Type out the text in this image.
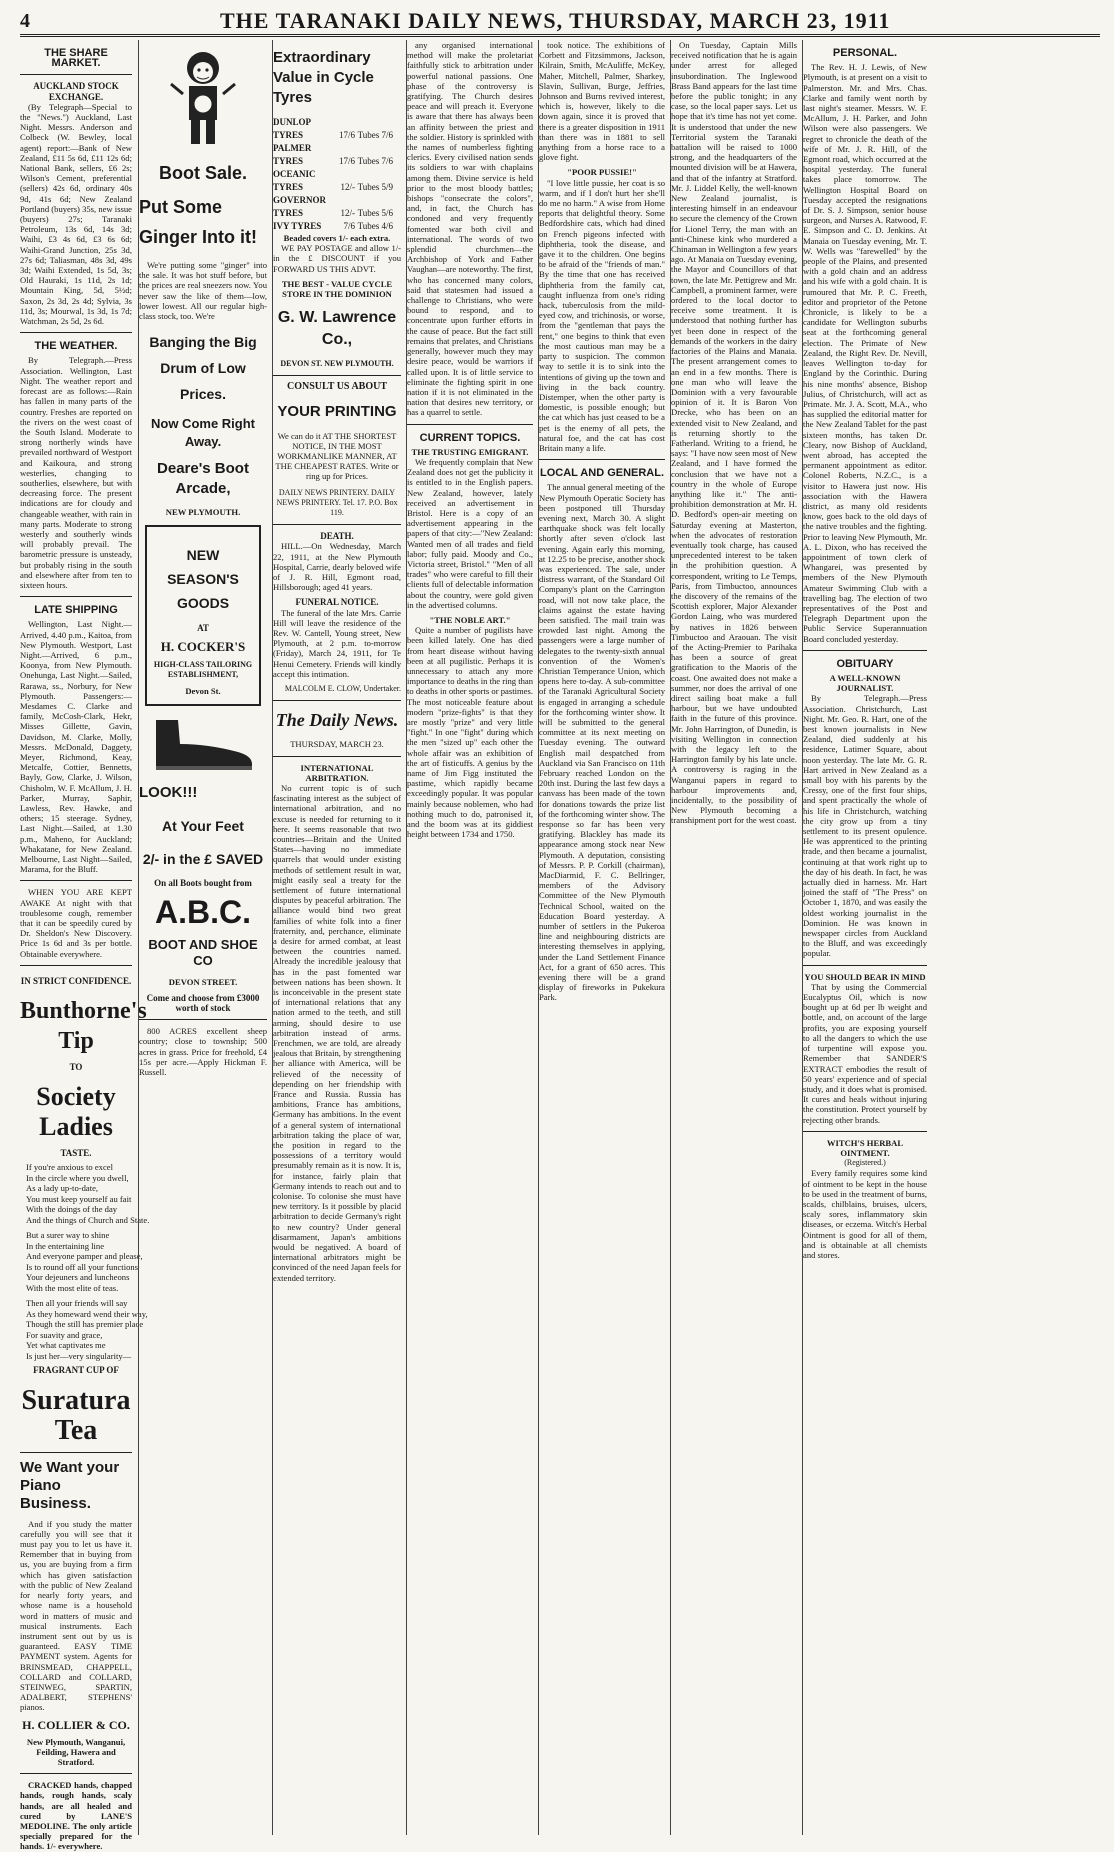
4	THE TARANAKI DAILY NEWS, THURSDAY, MARCH 23, 1911
THE SHARE MARKET.
AUCKLAND STOCK EXCHANGE.

(By Telegraph—Special to the "News.") Auckland, Last Night. Messrs. Anderson and Colbeck (W. Bewley, local agent) report:—Bank of New Zealand, £11 5s 6d, £11 12s 6d; National Bank, sellers, £6 2s; Wilson's Cement, preferential (sellers) 42s 6d, ordinary 40s 9d, 41s 6d; New Zealand Portland (buyers) 35s, new issue (buyers) 27s; Taranaki Petroleum, 13s 6d, 14s 3d; Waihi, £3 4s 6d, £3 6s 6d; Waihi-Grand Junction, 25s 3d, 27s 6d; Taliasman, 48s 3d, 49s 3d; Waihi Extended, 1s 5d, 3s; Old Hauraki, 1s 11d, 2s 1d; Mountain King, 5d, 5½d; Saxon, 2s 3d, 2s 4d; Sylvia, 3s 11d, 3s; Mourwal, 1s 3d, 1s 7d; Watchman, 2s 5d, 2s 6d.

THE WEATHER.

By Telegraph.—Press Association. Wellington, Last Night. The weather report and forecast are as follows:—Rain has fallen in many parts of the country. Freshes are reported on the rivers on the west coast of the South Island. Moderate to strong northerly winds have prevailed northward of Westport and Kaikoura, and strong westerlies, changing to southerlies, elsewhere, but with decreasing force. The present indications are for cloudy and changeable weather, with rain in many parts. Moderate to strong westerly and southerly winds will probably prevail. The barometric pressure is unsteady, but probably rising in the south and elsewhere after from ten to sixteen hours.

LATE SHIPPING

Wellington, Last Night.—Arrived, 4.40 p.m., Kaitoa, from New Plymouth. Westport, Last Night.—Arrived, 6 p.m., Koonya, from New Plymouth. Onehunga, Last Night.—Sailed, Rarawa, ss., Norbury, for New Plymouth. Passengers:—Mesdames C. Clarke and family, McCosh-Clark, Hekr, Misses Gillette, Gavin, Davidson, M. Clarke, Molly, Messrs. McDonald, Daggety, Meyer, Richmond, Keay, Metcalfe, Cottier, Bennetts, Bayly, Gow, Clarke, J. Wilson, Chisholm, W. F. McAllum, J. H. Parker, Murray, Saphir, Lawless, Rev. Hawke, and others; 15 steerage. Sydney, Last Night.—Sailed, at 1.30 p.m., Maheno, for Auckland; Whakatane, for New Zealand. Melbourne, Last Night—Sailed, Marama, for the Bluff.

WHEN YOU ARE KEPT AWAKE At night with that troublesome cough, remember that it can be speedily cured by Dr. Sheldon's New Discovery. Price 1s 6d and 3s per bottle. Obtainable everywhere.

IN STRICT CONFIDENCE.
Bunthorne's Tip
TO
Society Ladies
TASTE.
If you're anxious to excel
In the circle where you dwell,
As a lady up-to-date,
You must keep yourself au fait
With the doings of the day
And the things of Church and State.
But a surer way to shine
In the entertaining line
And everyone pamper and please,
Is to round off all your functions
Your dejeuners and luncheons
With the most elite of teas.
Then all your friends will say
As they homeward wend their way,
Though the still has premier place
For suavity and grace,
Yet what captivates me
Is just her—very singularity—
FRAGRANT CUP OF
Suratura Tea
We Want your Piano Business.

And if you study the matter carefully you will see that it must pay you to let us have it. Remember that in buying from us, you are buying from a firm which has given satisfaction with the public of New Zealand for nearly forty years, and whose name is a household word in matters of music and musical instruments. Each instrument sent out by us is guaranteed. EASY TIME PAYMENT system. Agents for BRINSMEAD, CHAPPELL, COLLARD and COLLARD, STEINWEG, SPARTIN, ADALBERT, STEPHENS' pianos.

H. COLLIER & CO.
New Plymouth, Wanganui, Feilding, Hawera and Stratford.

CRACKED hands, chapped hands, rough hands, scaly hands, are all healed and cured by LANE'S MEDOLINE. The only article specially prepared for the hands. 1/- everywhere.

Boot Sale.
Put Some Ginger Into it!

We're putting some "ginger" into the sale. It was hot stuff before, but the prices are real sneezers now. You never saw the like of them—low, lower lowest. All our regular high-class stock, too. We're

Banging the Big Drum of Low Prices.
Now Come Right Away.
Deare's Boot Arcade,
NEW PLYMOUTH.
NEW SEASON'S GOODS
AT
H. COCKER'S
HIGH-CLASS TAILORING ESTABLISHMENT,
Devon St.
LOOK!!!
At Your Feet
2/- in the £ SAVED
On all Boots bought from
A.B.C.
BOOT AND SHOE CO
DEVON STREET.
Come and choose from £3000 worth of stock

800 ACRES excellent sheep country; close to township; 500 acres in grass. Price for freehold, £4 15s per acre.—Apply Hickman F. Russell.

Extraordinary Value in Cycle Tyres
DUNLOP TYRES	17/6 Tubes 7/6
PALMER TYRES	17/6 Tubes 7/6
OCEANIC TYRES	12/- Tubes 5/9
GOVERNOR TYRES	12/- Tubes 5/6
IVY TYRES 7/6 Tubes 4/6
Beaded covers 1/- each extra.

WE PAY POSTAGE and allow 1/- in the £ DISCOUNT if you FORWARD US THIS ADVT.

THE BEST - VALUE CYCLE STORE IN THE DOMINION
G. W. Lawrence Co.,
DEVON ST. NEW PLYMOUTH.
CONSULT US ABOUT
YOUR PRINTING
We can do it AT THE SHORTEST NOTICE, IN THE MOST WORKMANLIKE MANNER, AT THE CHEAPEST RATES. Write or ring up for Prices.
DAILY NEWS PRINTERY. DAILY NEWS PRINTERY. Tel. 17. P.O. Box 119.
DEATH.

HILL.—On Wednesday, March 22, 1911, at the New Plymouth Hospital, Carrie, dearly beloved wife of J. R. Hill, Egmont road, Hillsborough; aged 41 years.

FUNERAL NOTICE.

The funeral of the late Mrs. Carrie Hill will leave the residence of the Rev. W. Cantell, Young street, New Plymouth, at 2 p.m. to-morrow (Friday), March 24, 1911, for Te Henui Cemetery. Friends will kindly accept this intimation.

MALCOLM E. CLOW, Undertaker.
The Daily News.
THURSDAY, MARCH 23.
INTERNATIONAL ARBITRATION.

No current topic is of such fascinating interest as the subject of international arbitration, and no excuse is needed for returning to it here. It seems reasonable that two countries—Britain and the United States—having no immediate quarrels that would under existing methods of settlement result in war, might easily seal a treaty for the settlement of future international disputes by peaceful arbitration. The alliance would bind two great families of white folk into a finer fraternity, and, perchance, eliminate a desire for armed combat, at least between the countries named. Already the incredible jealousy that has in the past fomented war between nations has been shown. It is inconceivable in the present state of international relations that any nation armed to the teeth, and still arming, should desire to use arbitration instead of arms. Frenchmen, we are told, are already jealous that Britain, by strengthening her alliance with America, will be relieved of the necessity of depending on her friendship with France and Russia. Russia has ambitions, France has ambitions, Germany has ambitions. In the event of a general system of international arbitration taking the place of war, the position in regard to the possessions of a territory would presumably remain as it is now. It is, for instance, fairly plain that Germany intends to reach out and to colonise. To colonise she must have new territory. Is it possible by placid arbitration to decide Germany's right to new country? Under general disarmament, Japan's ambitions would be negatived. A board of international arbitrators might be convinced of the need Japan feels for extended territory.

any organised international method will make the proletariat faithfully stick to arbitration under powerful national passions. One phase of the controversy is gratifying. The Church desires peace and will preach it. Everyone is aware that there has always been an affinity between the priest and the soldier. History is sprinkled with the names of numberless fighting clerics. Every civilised nation sends its soldiers to war with chaplains among them. Divine service is held prior to the most bloody battles; bishops "consecrate the colors", and, in fact, the Church has condoned and very frequently fomented war both civil and international. The words of two splendid churchmen—the Archbishop of York and Father Vaughan—are noteworthy. The first, who has concerned many colors, said that statesmen had issued a challenge to Christians, who were bound to respond, and to concentrate upon further efforts in the cause of peace. But the fact still remains that prelates, and Christians generally, however much they may desire peace, would be warriors if called upon. It is of little service to eliminate the fighting spirit in one nation if it is not eliminated in the nation that desires new territory, or has a quarrel to settle.

CURRENT TOPICS.
THE TRUSTING EMIGRANT.

We frequently complain that New Zealand does not get the publicity it is entitled to in the English papers. New Zealand, however, lately received an advertisement in Bristol. Here is a copy of an advertisement appearing in the papers of that city:—"New Zealand: Wanted men of all trades and field labor; fully paid. Moody and Co., Victoria street, Bristol." "Men of all trades" who were careful to fill their clients full of delectable information about the country, were gold given in the advertised columns.

"THE NOBLE ART."

Quite a number of pugilists have been killed lately. One has died from heart disease without having been at all pugilistic. Perhaps it is unnecessary to attach any more importance to deaths in the ring than to deaths in other sports or pastimes. The most noticeable feature about modern "prize-fights" is that they are mostly "prize" and very little "fight." In one "fight" during which the men "sized up" each other the whole affair was an exhibition of the art of fisticuffs. A genius by the name of Jim Figg instituted the pastime, which rapidly became exceedingly popular. It was popular mainly because noblemen, who had nothing much to do, patronised it, and the boom was at its giddiest height between 1734 and 1750.

took notice. The exhibitions of Corbett and Fitzsimmons, Jackson, Kilrain, Smith, McAuliffe, McKey, Maher, Mitchell, Palmer, Sharkey, Slavin, Sullivan, Burge, Jeffries, Johnson and Burns revived interest, which is, however, likely to die down again, since it is proved that there is a greater disposition in 1911 than there was in 1881 to sell anything from a horse race to a glove fight.

"POOR PUSSIE!"

"I love little pussie, her coat is so warm, and if I don't hurt her she'll do me no harm." A wise from Home reports that delightful theory. Some Bedfordshire cats, which had dined on French pigeons infected with diphtheria, took the disease, and gave it to the children. One begins to be afraid of the "friends of man." By the time that one has received diphtheria from the family cat, caught influenza from one's riding hack, tuberculosis from the mild-eyed cow, and trichinosis, or worse, from the "gentleman that pays the rent," one begins to think that even the most cautious man may be a party to suspicion. The common way to settle it is to sink into the intentions of giving up the town and living in the back country. Distemper, when the other party is domestic, is possible enough; but the cat which has just ceased to be a pet is the enemy of all pets, the natural foe, and the cat has cost Britain many a life.

LOCAL AND GENERAL.

The annual general meeting of the New Plymouth Operatic Society has been postponed till Thursday evening next, March 30. A slight earthquake shock was felt locally shortly after seven o'clock last evening. Again early this morning, at 12.25 to be precise, another shock was experienced. The sale, under distress warrant, of the Standard Oil Company's plant on the Carrington road, will not now take place, the claims against the estate having been satisfied. The mail train was crowded last night. Among the passengers were a large number of delegates to the twenty-sixth annual convention of the Women's Christian Temperance Union, which opens here to-day. A sub-committee of the Taranaki Agricultural Society is engaged in arranging a schedule for the forthcoming winter show. It will be submitted to the general committee at its next meeting on Tuesday evening. The outward English mail despatched from Auckland via San Francisco on 11th February reached London on the 20th inst. During the last few days a canvass has been made of the town for donations towards the prize list of the forthcoming winter show. The response so far has been very gratifying. Blackley has made its appearance among stock near New Plymouth. A deputation, consisting of Messrs. P. P. Corkill (chairman), MacDiarmid, F. C. Bellringer, members of the Advisory Committee of the New Plymouth Technical School, waited on the Education Board yesterday. A number of settlers in the Pukeroa line and neighbouring districts are interesting themselves in applying, under the Land Settlement Finance Act, for a grant of 650 acres. This evening there will be a grand display of fireworks in Pukekura Park.

On Tuesday, Captain Mills received notification that he is again under arrest for alleged insubordination. The Inglewood Brass Band appears for the last time before the public tonight; in any case, so the local paper says. Let us hope that it's time has not yet come. It is understood that under the new Territorial system the Taranaki battalion will be raised to 1000 strong, and the headquarters of the mounted division will be at Hawera, and that of the infantry at Stratford. Mr. J. Liddel Kelly, the well-known New Zealand journalist, is interesting himself in an endeavour to secure the clemency of the Crown for Lionel Terry, the man with an anti-Chinese kink who murdered a Chinaman in Wellington a few years ago. At Manaia on Tuesday evening, the Mayor and Councillors of that town, the late Mr. Pettigrew and Mr. Campbell, a prominent farmer, were ordered to the local doctor to receive some treatment. It is understood that nothing further has yet been done in respect of the demands of the workers in the dairy factories of the Plains and Manaia. The present arrangement comes to an end in a few months. There is one man who will leave the Dominion with a very favourable opinion of it. It is Baron Von Drecke, who has been on an extended visit to New Zealand, and is returning shortly to the Fatherland. Writing to a friend, he says: "I have now seen most of New Zealand, and I have formed the conclusion that we have not a country in the whole of Europe anything like it." The anti-prohibition demonstration at Mr. H. D. Bedford's open-air meeting on Saturday evening at Masterton, when the advocates of restoration eventually took charge, has caused unprecedented interest to be taken in the prohibition question. A correspondent, writing to Le Temps, Paris, from Timbuctoo, announces the discovery of the remains of the Scottish explorer, Major Alexander Gordon Laing, who was murdered by natives in 1826 between Timbuctoo and Araouan. The visit of the Acting-Premier to Parihaka has been a source of great gratification to the Maoris of the coast. One awaited does not make a summer, nor does the arrival of one direct sailing boat make a full harbour, but we have undoubted faith in the future of this province. Mr. John Harrington, of Dunedin, is visiting Wellington in connection with the legacy left to the Harrington family by his late uncle. A controversy is raging in the Wanganui papers in regard to harbour improvements and, incidentally, to the possibility of New Plymouth becoming a transhipment port for the west coast.

PERSONAL.

The Rev. H. J. Lewis, of New Plymouth, is at present on a visit to Palmerston. Mr. and Mrs. Chas. Clarke and family went north by last night's steamer. Messrs. W. F. McAllum, J. H. Parker, and John Wilson were also passengers. We regret to chronicle the death of the wife of Mr. J. R. Hill, of the Egmont road, which occurred at the hospital yesterday. The funeral takes place tomorrow. The Wellington Hospital Board on Tuesday accepted the resignations of Dr. S. J. Simpson, senior house surgeon, and Nurses A. Ratwood, F. E. Simpson and C. D. Jenkins. At Manaia on Tuesday evening, Mr. T. W. Wells was "farewelled" by the people of the Plains, and presented with a gold chain and an address and his wife with a gold chain. It is rumoured that Mr. P. C. Freeth, editor and proprietor of the Petone Chronicle, is likely to be a candidate for Wellington suburbs seat at the forthcoming general election. The Primate of New Zealand, the Right Rev. Dr. Nevill, leaves Wellington to-day for England by the Corinthic. During his nine months' absence, Bishop Julius, of Christchurch, will act as Primate. Mr. J. A. Scott, M.A., who has supplied the editorial matter for the New Zealand Tablet for the past sixteen months, has taken Dr. Cleary, now Bishop of Auckland, went abroad, has accepted the permanent appointment as editor. Colonel Roberts, N.Z.C., is a visitor to Hawera just now. His association with the Hawera district, as many old residents know, goes back to the old days of the native troubles and the fighting. Prior to leaving New Plymouth, Mr. A. L. Dixon, who has received the appointment of town clerk of Whangarei, was presented by members of the New Plymouth Amateur Swimming Club with a travelling bag. The election of two representatives of the Post and Telegraph Department upon the Public Service Superannuation Board concluded yesterday.

OBITUARY
A WELL-KNOWN JOURNALIST.

By Telegraph.—Press Association. Christchurch, Last Night. Mr. Geo. R. Hart, one of the best known journalists in New Zealand, died suddenly at his residence, Latimer Square, about noon yesterday. The late Mr. G. R. Hart arrived in New Zealand as a small boy with his parents by the Cressy, one of the first four ships, and spent practically the whole of his life in Christchurch, watching the city grow up from a tiny settlement to its present opulence. He was apprenticed to the printing trade, and then became a journalist, continuing at that work right up to the day of his death. In fact, he was actually died in harness. Mr. Hart joined the staff of "The Press" on October 1, 1870, and was easily the oldest working journalist in the Dominion. He was known in newspaper circles from Auckland to the Bluff, and was exceedingly popular.

YOU SHOULD BEAR IN MIND

That by using the Commercial Eucalyptus Oil, which is now bought up at 6d per lb weight and bottle, and, on account of the large profits, you are exposing yourself to all the dangers to which the use of turpentine will expose you. Remember that SANDER'S EXTRACT embodies the result of 50 years' experience and of special study, and it does what is promised. It cures and heals without injuring the constitution. Protect yourself by rejecting other brands.

WITCH'S HERBAL OINTMENT.
(Registered.)

Every family requires some kind of ointment to be kept in the house to be used in the treatment of burns, scalds, chilblains, bruises, ulcers, scaly sores, inflammatory skin diseases, or eczema. Witch's Herbal Ointment is good for all of them, and is obtainable at all chemists and stores.
